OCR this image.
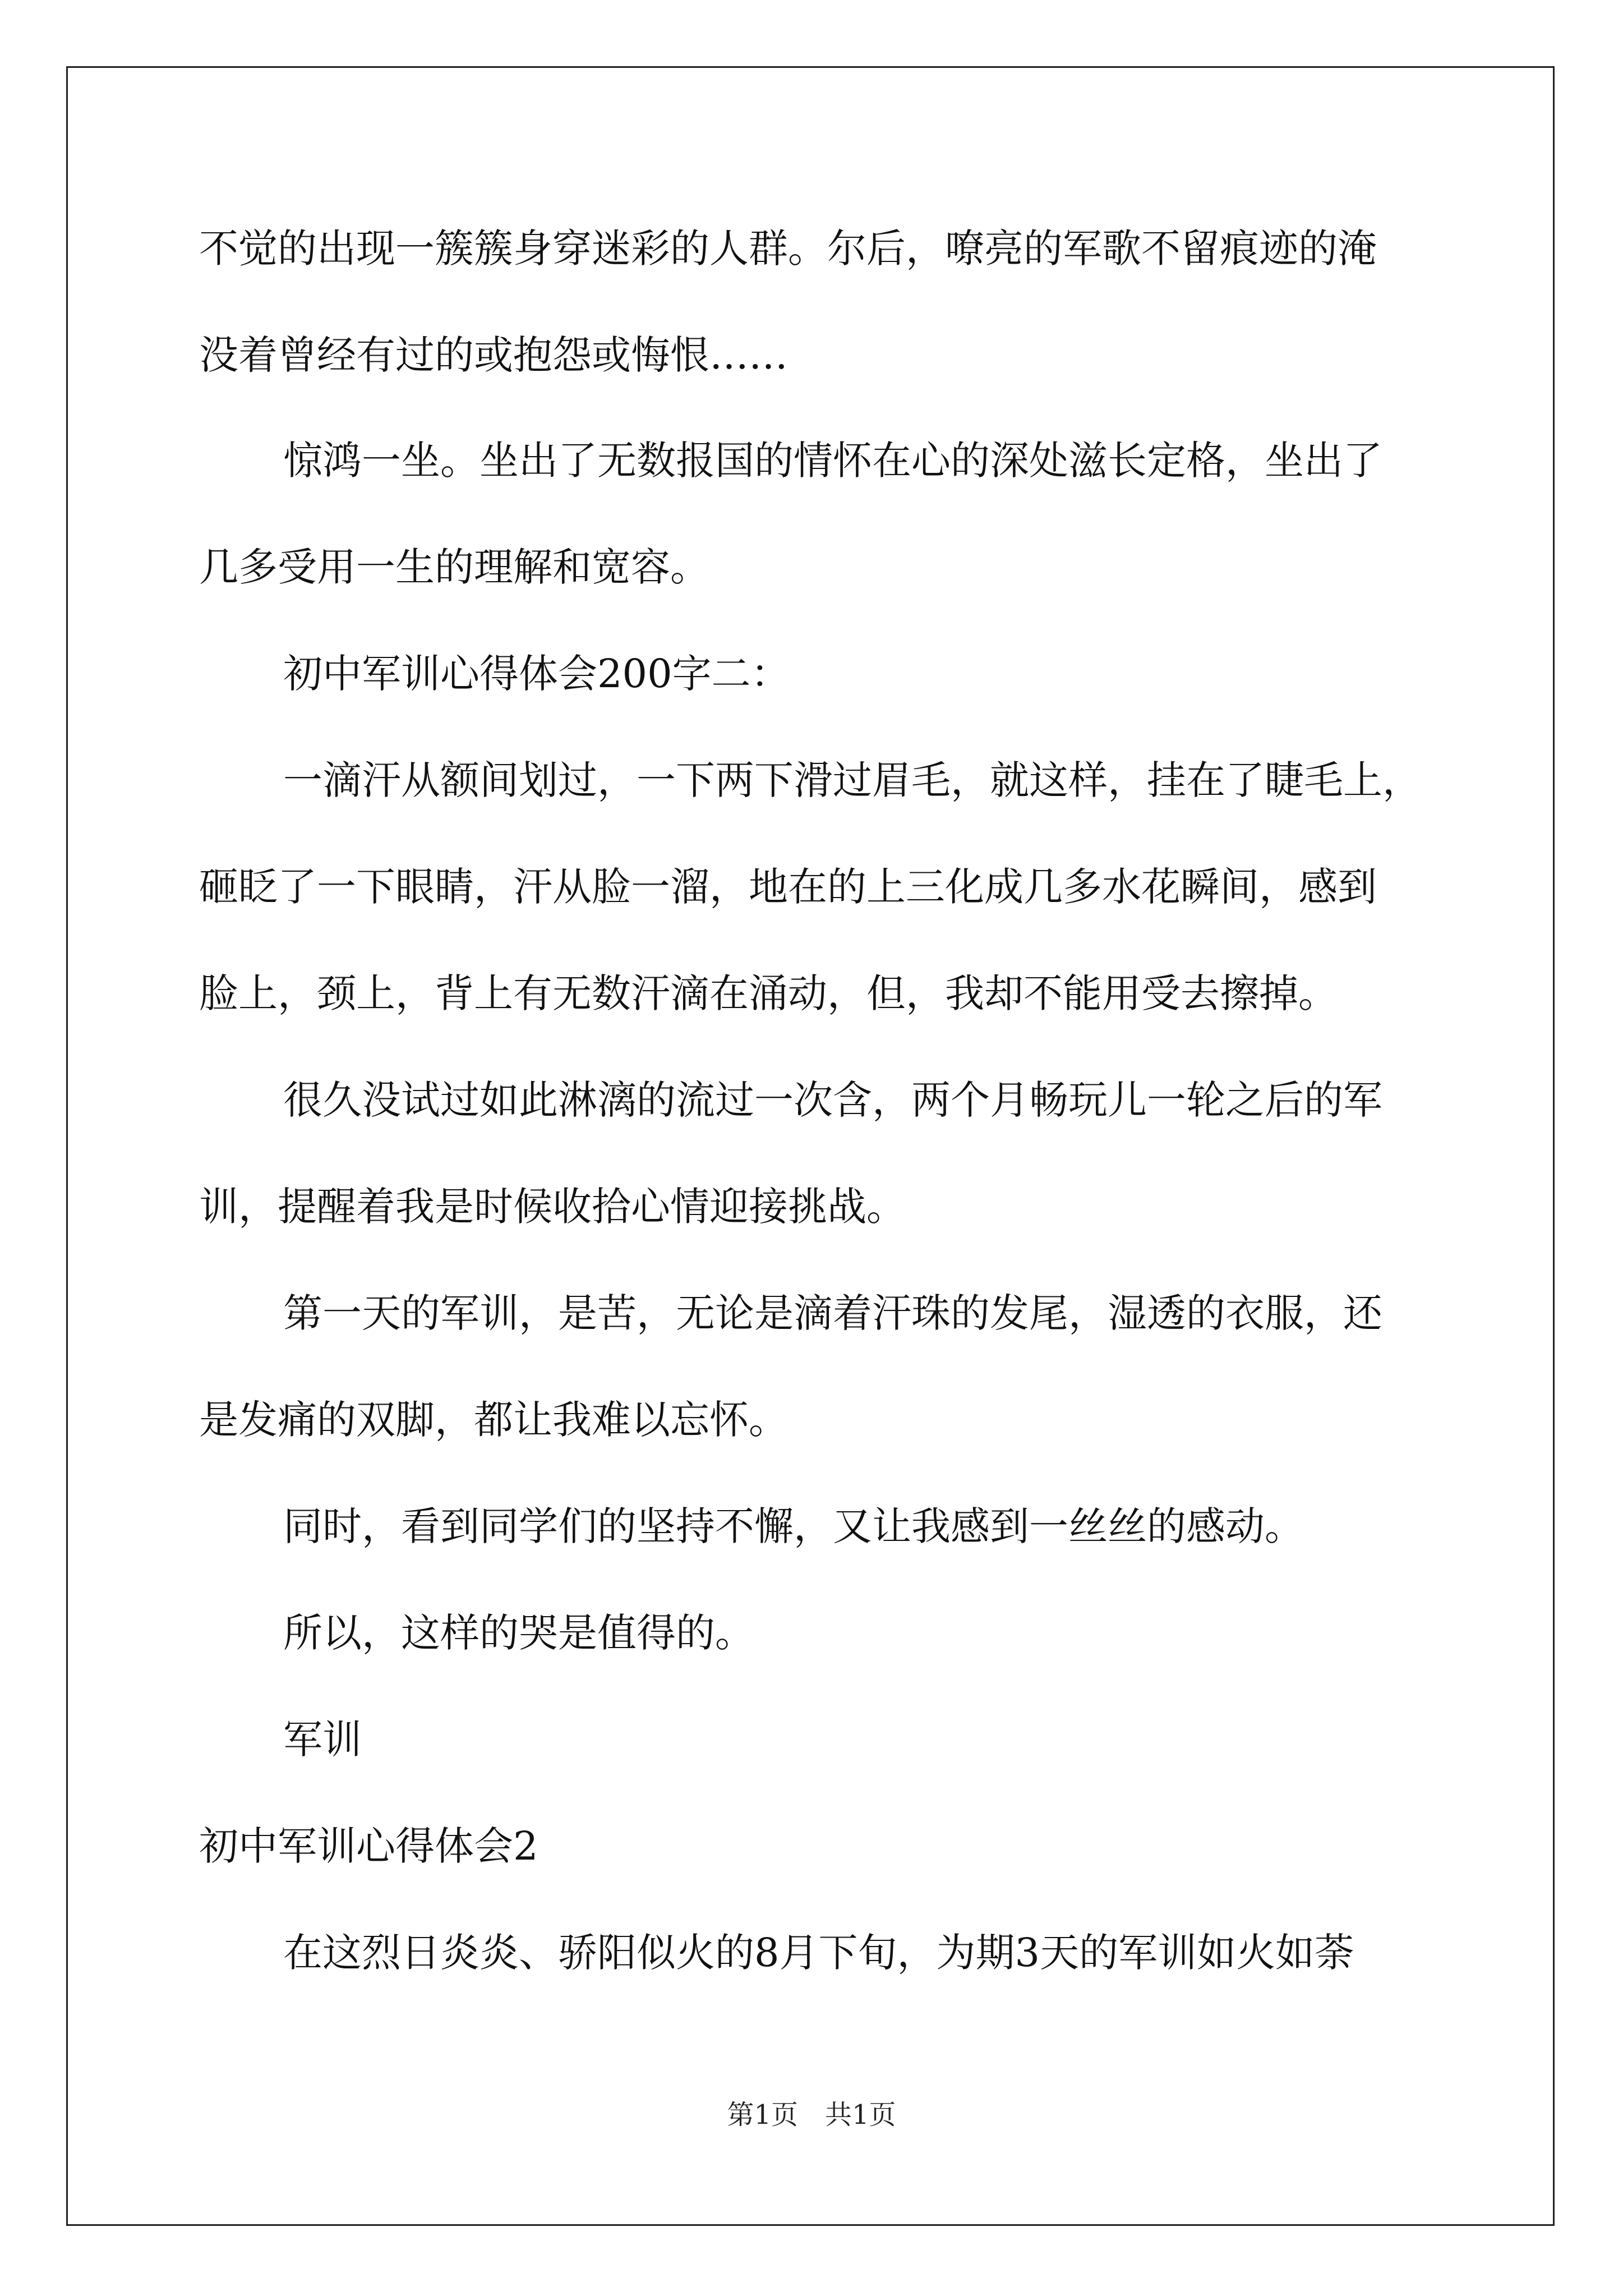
不觉的出现一簇簇身穿迷彩的人群。尔后，嘹亮的军歌不留痕迹的淹
没着曾经有过的或抱怨或悔恨……
惊鸿一坐。坐出了无数报国的情怀在心的深处滋长定格，坐出了
几多受用一生的理解和宽容。
初中军训心得体会200字二：
一滴汗从额间划过，一下两下滑过眉毛，就这样，挂在了睫毛上，
砸眨了一下眼睛，汗从脸一溜，地在的上三化成几多水花瞬间，感到
脸上，颈上，背上有无数汗滴在涌动，但，我却不能用受去擦掉。
很久没试过如此淋漓的流过一次含，两个月畅玩儿一轮之后的军
训，提醒着我是时候收拾心情迎接挑战。
第一天的军训，是苦，无论是滴着汗珠的发尾，湿透的衣服，还
是发痛的双脚，都让我难以忘怀。
同时，看到同学们的坚持不懈，又让我感到一丝丝的感动。
所以，这样的哭是值得的。
军训
初中军训心得体会2
在这烈日炎炎、骄阳似火的8月下旬，为期3天的军训如火如荼
第1页　共1页
